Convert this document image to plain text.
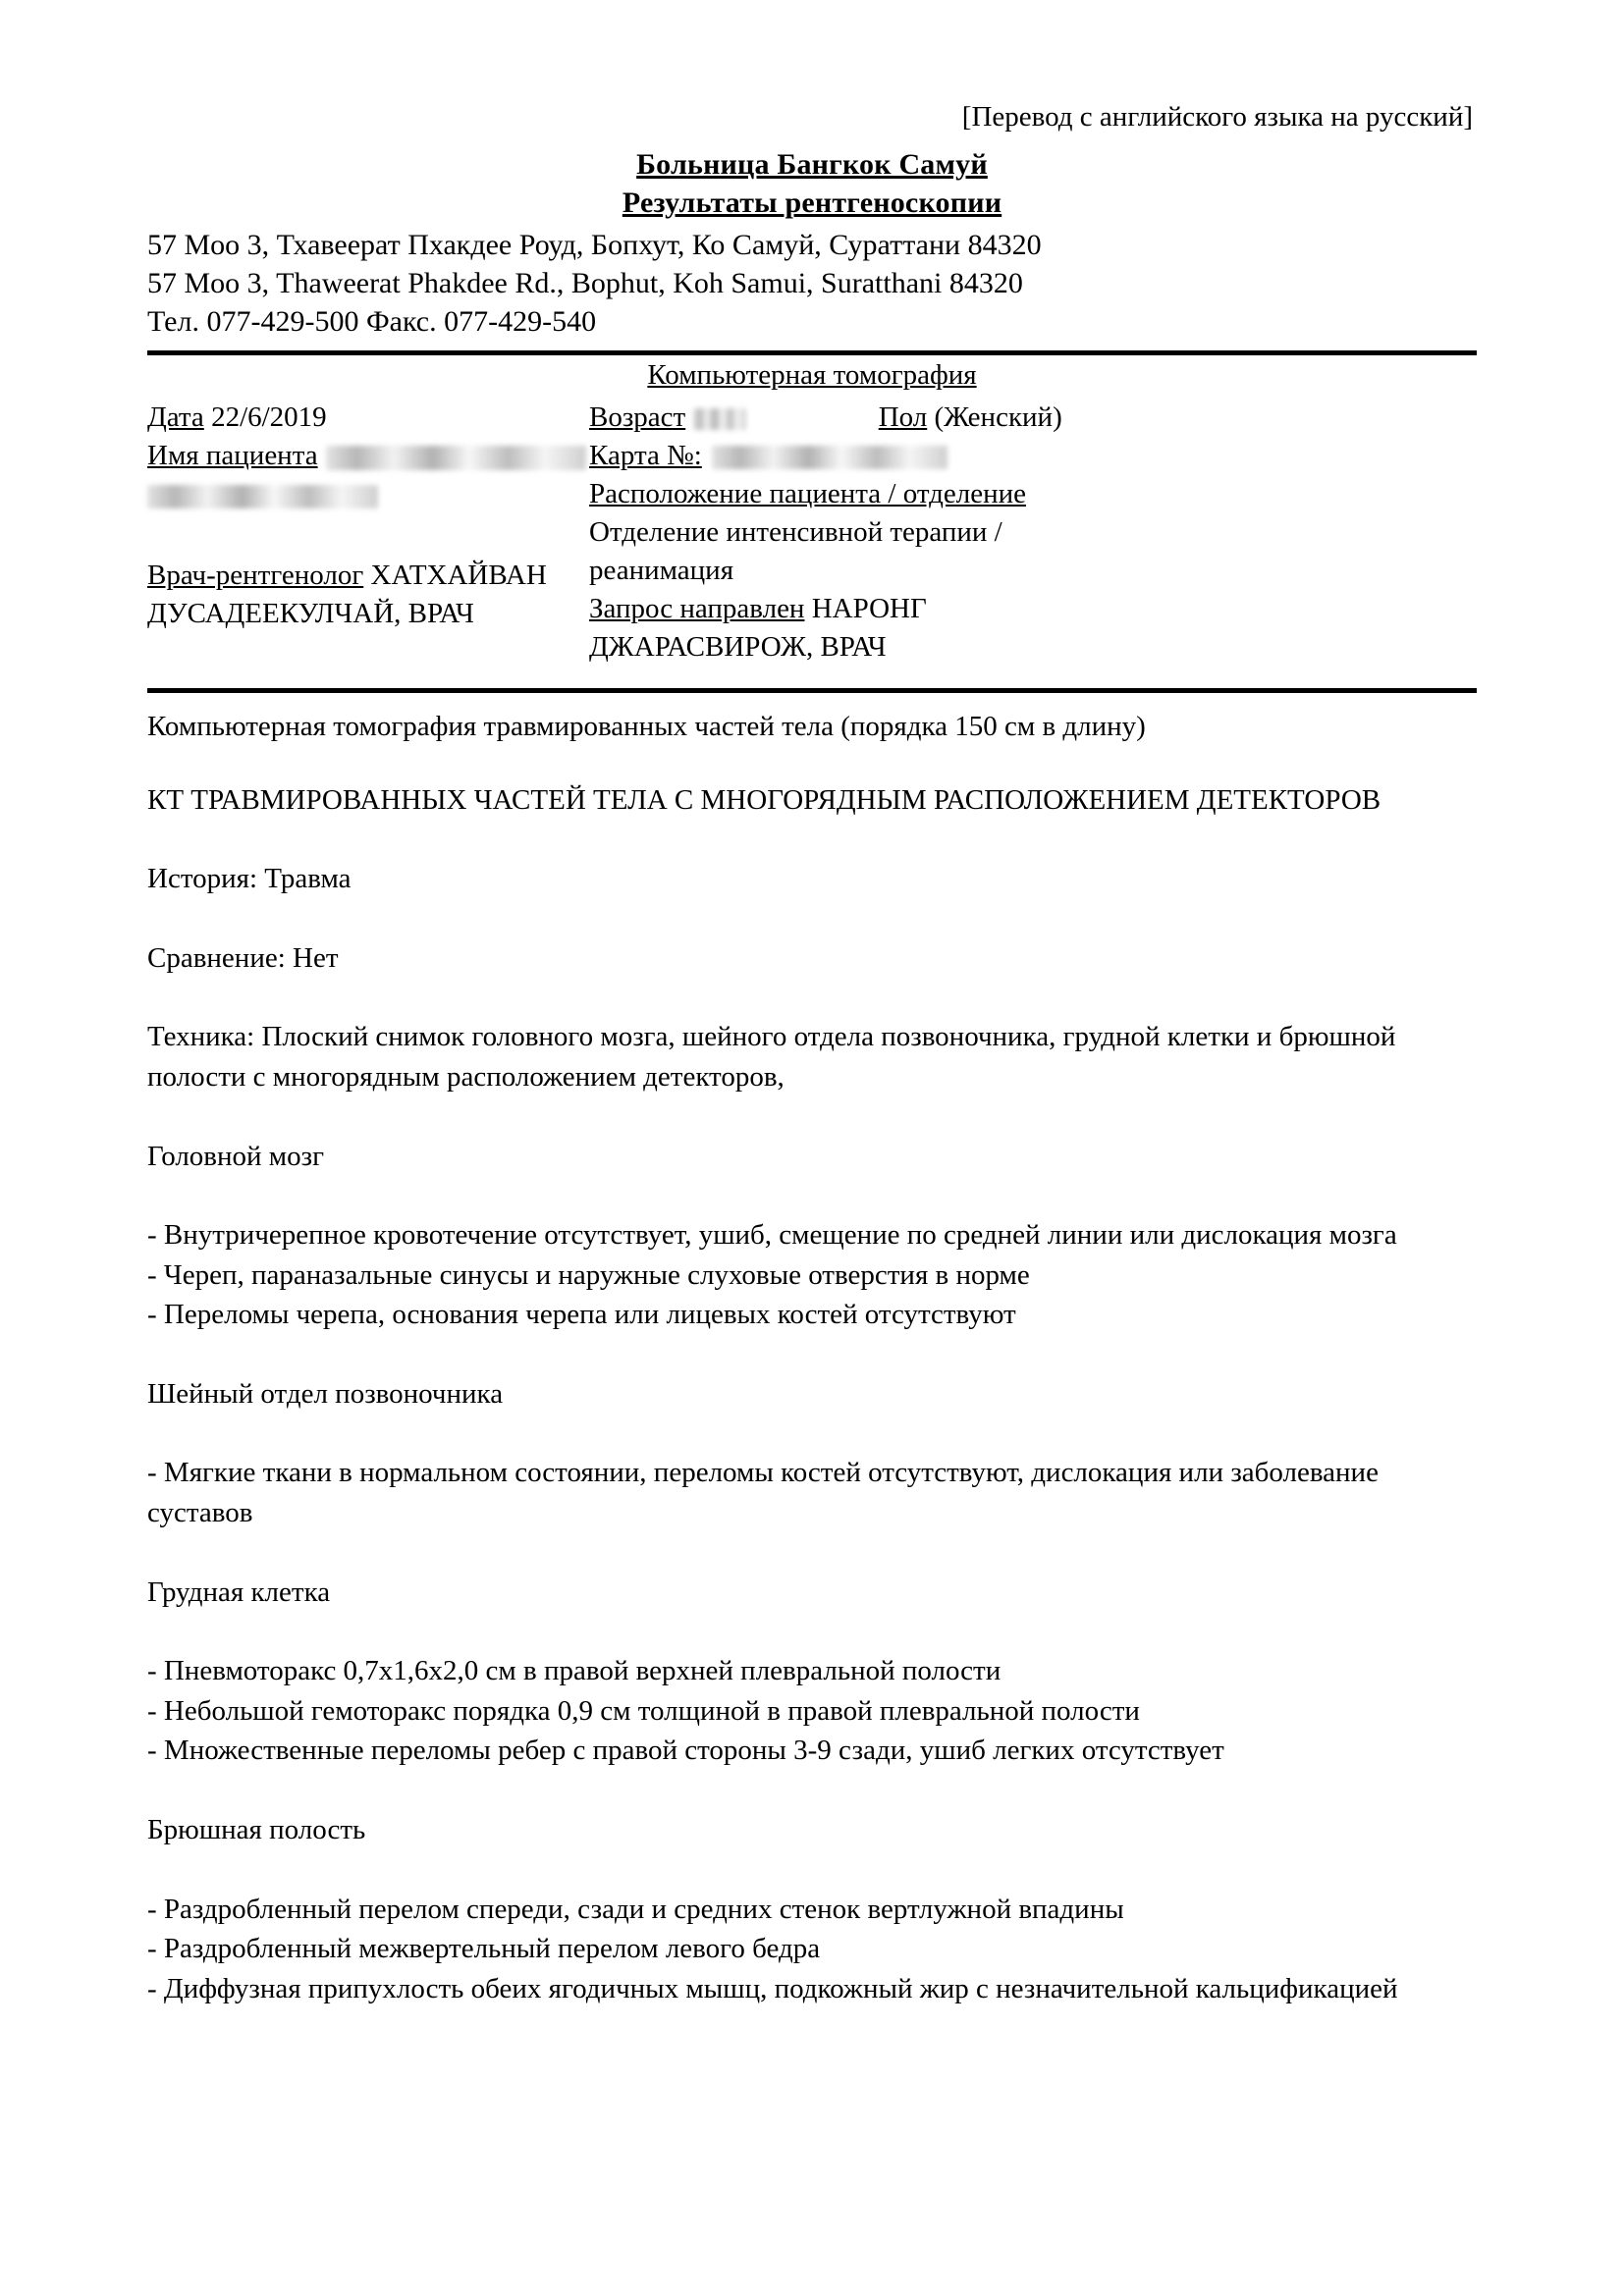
[Перевод с английского языка на русский]
Больница Бангкок Самуй
Результаты рентгеноскопии
57 Moo 3, Тхавеерат Пхакдее Роуд, Бопхут, Ко Самуй, Сураттани 84320
57 Moo 3, Thaweerat Phakdee Rd., Bophut, Koh Samui, Suratthani 84320
Тел. 077-429-500 Факс. 077-429-540
Компьютерная томография
Дата 22/6/2019
Имя пациента
Врач-рентгенолог ХАТХАЙВАН ДУСАДЕЕКУЛЧАЙ, ВРАЧ
Возраст	Пол (Женский)
Карта №:
Расположение пациента / отделение
Отделение интенсивной терапии / реанимация
Запрос направлен НАРОНГ ДЖАРАСВИРОЖ, ВРАЧ
Компьютерная томография травмированных частей тела (порядка 150 см в длину)
КТ ТРАВМИРОВАННЫХ ЧАСТЕЙ ТЕЛА С МНОГОРЯДНЫМ РАСПОЛОЖЕНИЕМ ДЕТЕКТОРОВ
История: Травма
Сравнение: Нет
Техника: Плоский снимок головного мозга, шейного отдела позвоночника, грудной клетки и брюшной полости с многорядным расположением детекторов,
Головной мозг
- Внутричерепное кровотечение отсутствует, ушиб, смещение по средней линии или дислокация мозга
- Череп, параназальные синусы и наружные слуховые отверстия в норме
- Переломы черепа, основания черепа или лицевых костей отсутствуют
Шейный отдел позвоночника
- Мягкие ткани в нормальном состоянии, переломы костей отсутствуют, дислокация или заболевание суставов
Грудная клетка
- Пневмоторакс 0,7x1,6x2,0 см в правой верхней плевральной полости
- Небольшой гемоторакс порядка 0,9 см толщиной в правой плевральной полости
- Множественные переломы ребер с правой стороны 3-9 сзади, ушиб легких отсутствует
Брюшная полость
- Раздробленный перелом спереди, сзади и средних стенок вертлужной впадины
- Раздробленный межвертельный перелом левого бедра
- Диффузная припухлость обеих ягодичных мышц, подкожный жир с незначительной кальцификацией
